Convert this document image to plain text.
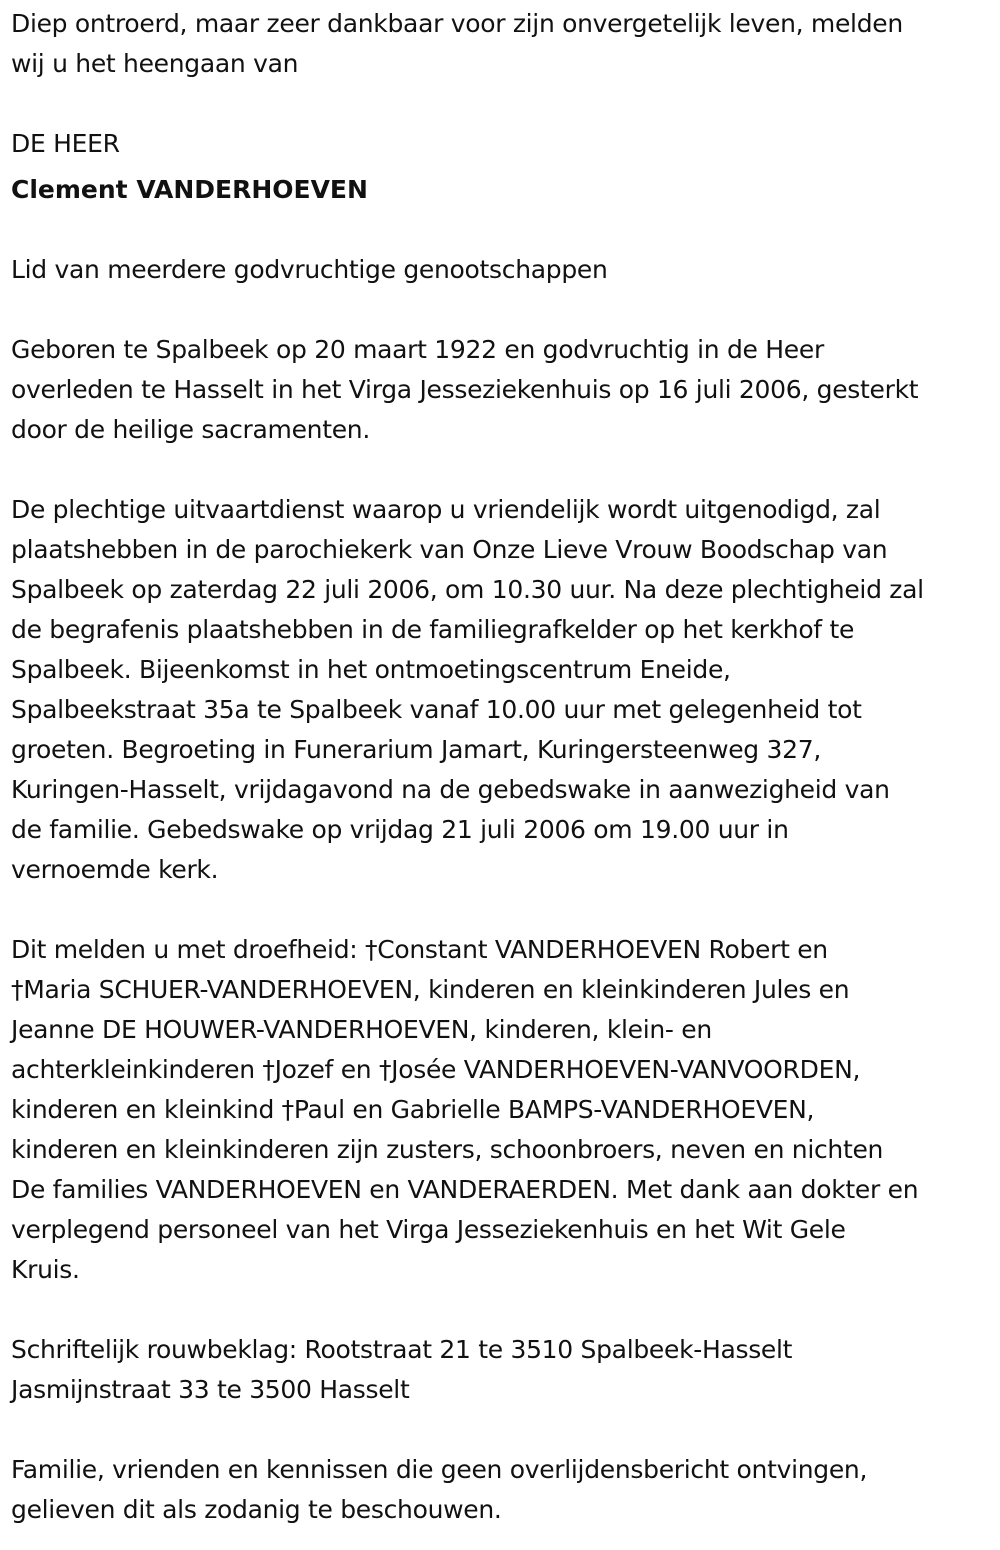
Diep ontroerd, maar zeer dankbaar voor zijn onvergetelijk leven, melden

wij u het heengaan van

DE HEER

Clement VANDERHOEVEN

Lid van meerdere godvruchtige genootschappen

Geboren te Spalbeek op 20 maart 1922 en godvruchtig in de Heer

overleden te Hasselt in het Virga Jesseziekenhuis op 16 juli 2006, gesterkt

door de heilige sacramenten.

De plechtige uitvaartdienst waarop u vriendelijk wordt uitgenodigd, zal

plaatshebben in de parochiekerk van Onze Lieve Vrouw Boodschap van

Spalbeek op zaterdag 22 juli 2006, om 10.30 uur. Na deze plechtigheid zal

de begrafenis plaatshebben in de familiegrafkelder op het kerkhof te

Spalbeek. Bijeenkomst in het ontmoetingscentrum Eneide,

Spalbeekstraat 35a te Spalbeek vanaf 10.00 uur met gelegenheid tot

groeten. Begroeting in Funerarium Jamart, Kuringersteenweg 327,

Kuringen-Hasselt, vrijdagavond na de gebedswake in aanwezigheid van

de familie. Gebedswake op vrijdag 21 juli 2006 om 19.00 uur in

vernoemde kerk.

Dit melden u met droefheid: †Constant VANDERHOEVEN Robert en

†Maria SCHUER-VANDERHOEVEN, kinderen en kleinkinderen Jules en

Jeanne DE HOUWER-VANDERHOEVEN, kinderen, klein- en

achterkleinkinderen †Jozef en †Josée VANDERHOEVEN-VANVOORDEN,

kinderen en kleinkind †Paul en Gabrielle BAMPS-VANDERHOEVEN,

kinderen en kleinkinderen zijn zusters, schoonbroers, neven en nichten

De families VANDERHOEVEN en VANDERAERDEN. Met dank aan dokter en

verplegend personeel van het Virga Jesseziekenhuis en het Wit Gele

Kruis.

Schriftelijk rouwbeklag: Rootstraat 21 te 3510 Spalbeek-Hasselt

Jasmijnstraat 33 te 3500 Hasselt

Familie, vrienden en kennissen die geen overlijdensbericht ontvingen,

gelieven dit als zodanig te beschouwen.
